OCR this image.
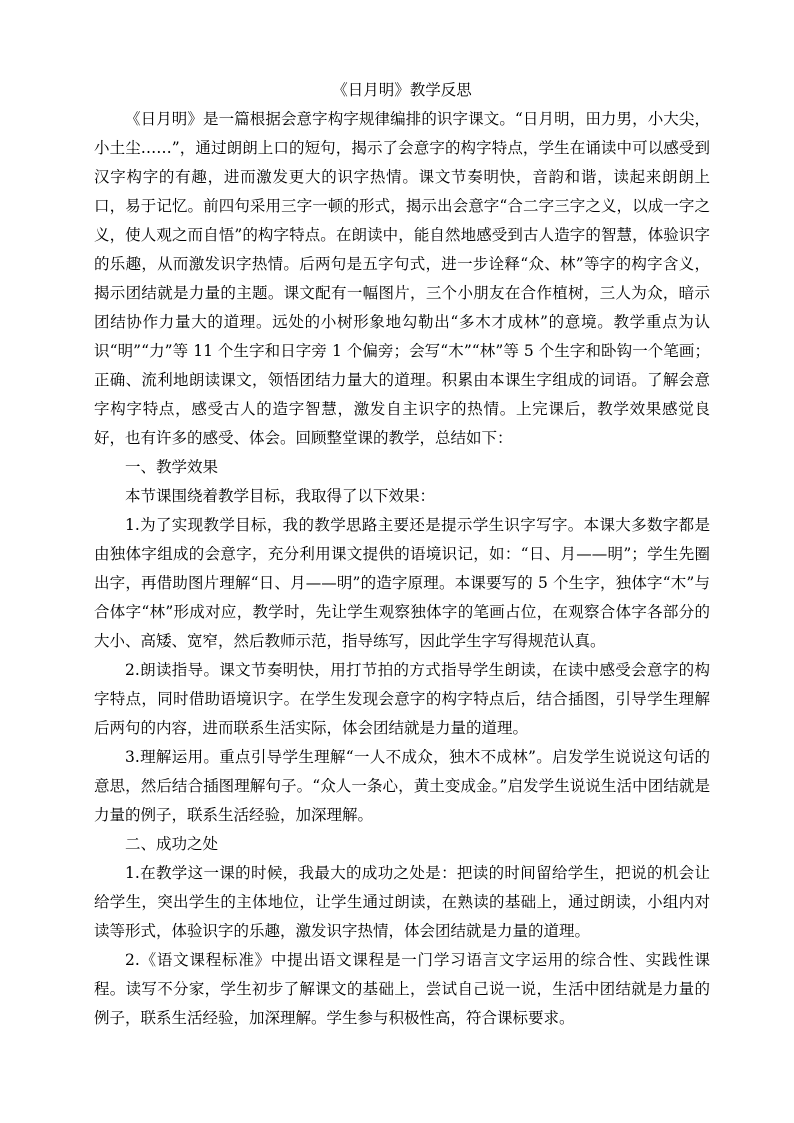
《日月明》教学反思

《日月明》是一篇根据会意字构字规律编排的识字课文。“日月明，田力男，小大尖，小土尘……”，通过朗朗上口的短句，揭示了会意字的构字特点，学生在诵读中可以感受到汉字构字的有趣，进而激发更大的识字热情。课文节奏明快，音韵和谐，读起来朗朗上口，易于记忆。前四句采用三字一顿的形式，揭示出会意字“合二字三字之义，以成一字之义，使人观之而自悟”的构字特点。在朗读中，能自然地感受到古人造字的智慧，体验识字的乐趣，从而激发识字热情。后两句是五字句式，进一步诠释“众、林”等字的构字含义，揭示团结就是力量的主题。课文配有一幅图片，三个小朋友在合作植树，三人为众，暗示团结协作力量大的道理。远处的小树形象地勾勒出“多木才成林”的意境。教学重点为认识“明”“力”等 11 个生字和日字旁 1 个偏旁；会写“木”“林”等 5 个生字和卧钩一个笔画；正确、流利地朗读课文，领悟团结力量大的道理。积累由本课生字组成的词语。了解会意字构字特点，感受古人的造字智慧，激发自主识字的热情。上完课后，教学效果感觉良好，也有许多的感受、体会。回顾整堂课的教学，总结如下：

一、教学效果

本节课围绕着教学目标，我取得了以下效果：

1.为了实现教学目标，我的教学思路主要还是提示学生识字写字。本课大多数字都是由独体字组成的会意字，充分利用课文提供的语境识记，如：“日、月——明”；学生先圈出字，再借助图片理解“日、月——明”的造字原理。本课要写的 5 个生字，独体字“木”与合体字“林”形成对应，教学时，先让学生观察独体字的笔画占位，在观察合体字各部分的大小、高矮、宽窄，然后教师示范，指导练写，因此学生字写得规范认真。

2.朗读指导。课文节奏明快，用打节拍的方式指导学生朗读，在读中感受会意字的构字特点，同时借助语境识字。在学生发现会意字的构字特点后，结合插图，引导学生理解后两句的内容，进而联系生活实际，体会团结就是力量的道理。

3.理解运用。重点引导学生理解“一人不成众，独木不成林”。启发学生说说这句话的意思，然后结合插图理解句子。“众人一条心，黄土变成金。”启发学生说说生活中团结就是力量的例子，联系生活经验，加深理解。

二、成功之处

1.在教学这一课的时候，我最大的成功之处是：把读的时间留给学生，把说的机会让给学生，突出学生的主体地位，让学生通过朗读，在熟读的基础上，通过朗读，小组内对读等形式，体验识字的乐趣，激发识字热情，体会团结就是力量的道理。

2.《语文课程标准》中提出语文课程是一门学习语言文字运用的综合性、实践性课程。读写不分家，学生初步了解课文的基础上，尝试自己说一说，生活中团结就是力量的例子，联系生活经验，加深理解。学生参与积极性高，符合课标要求。
